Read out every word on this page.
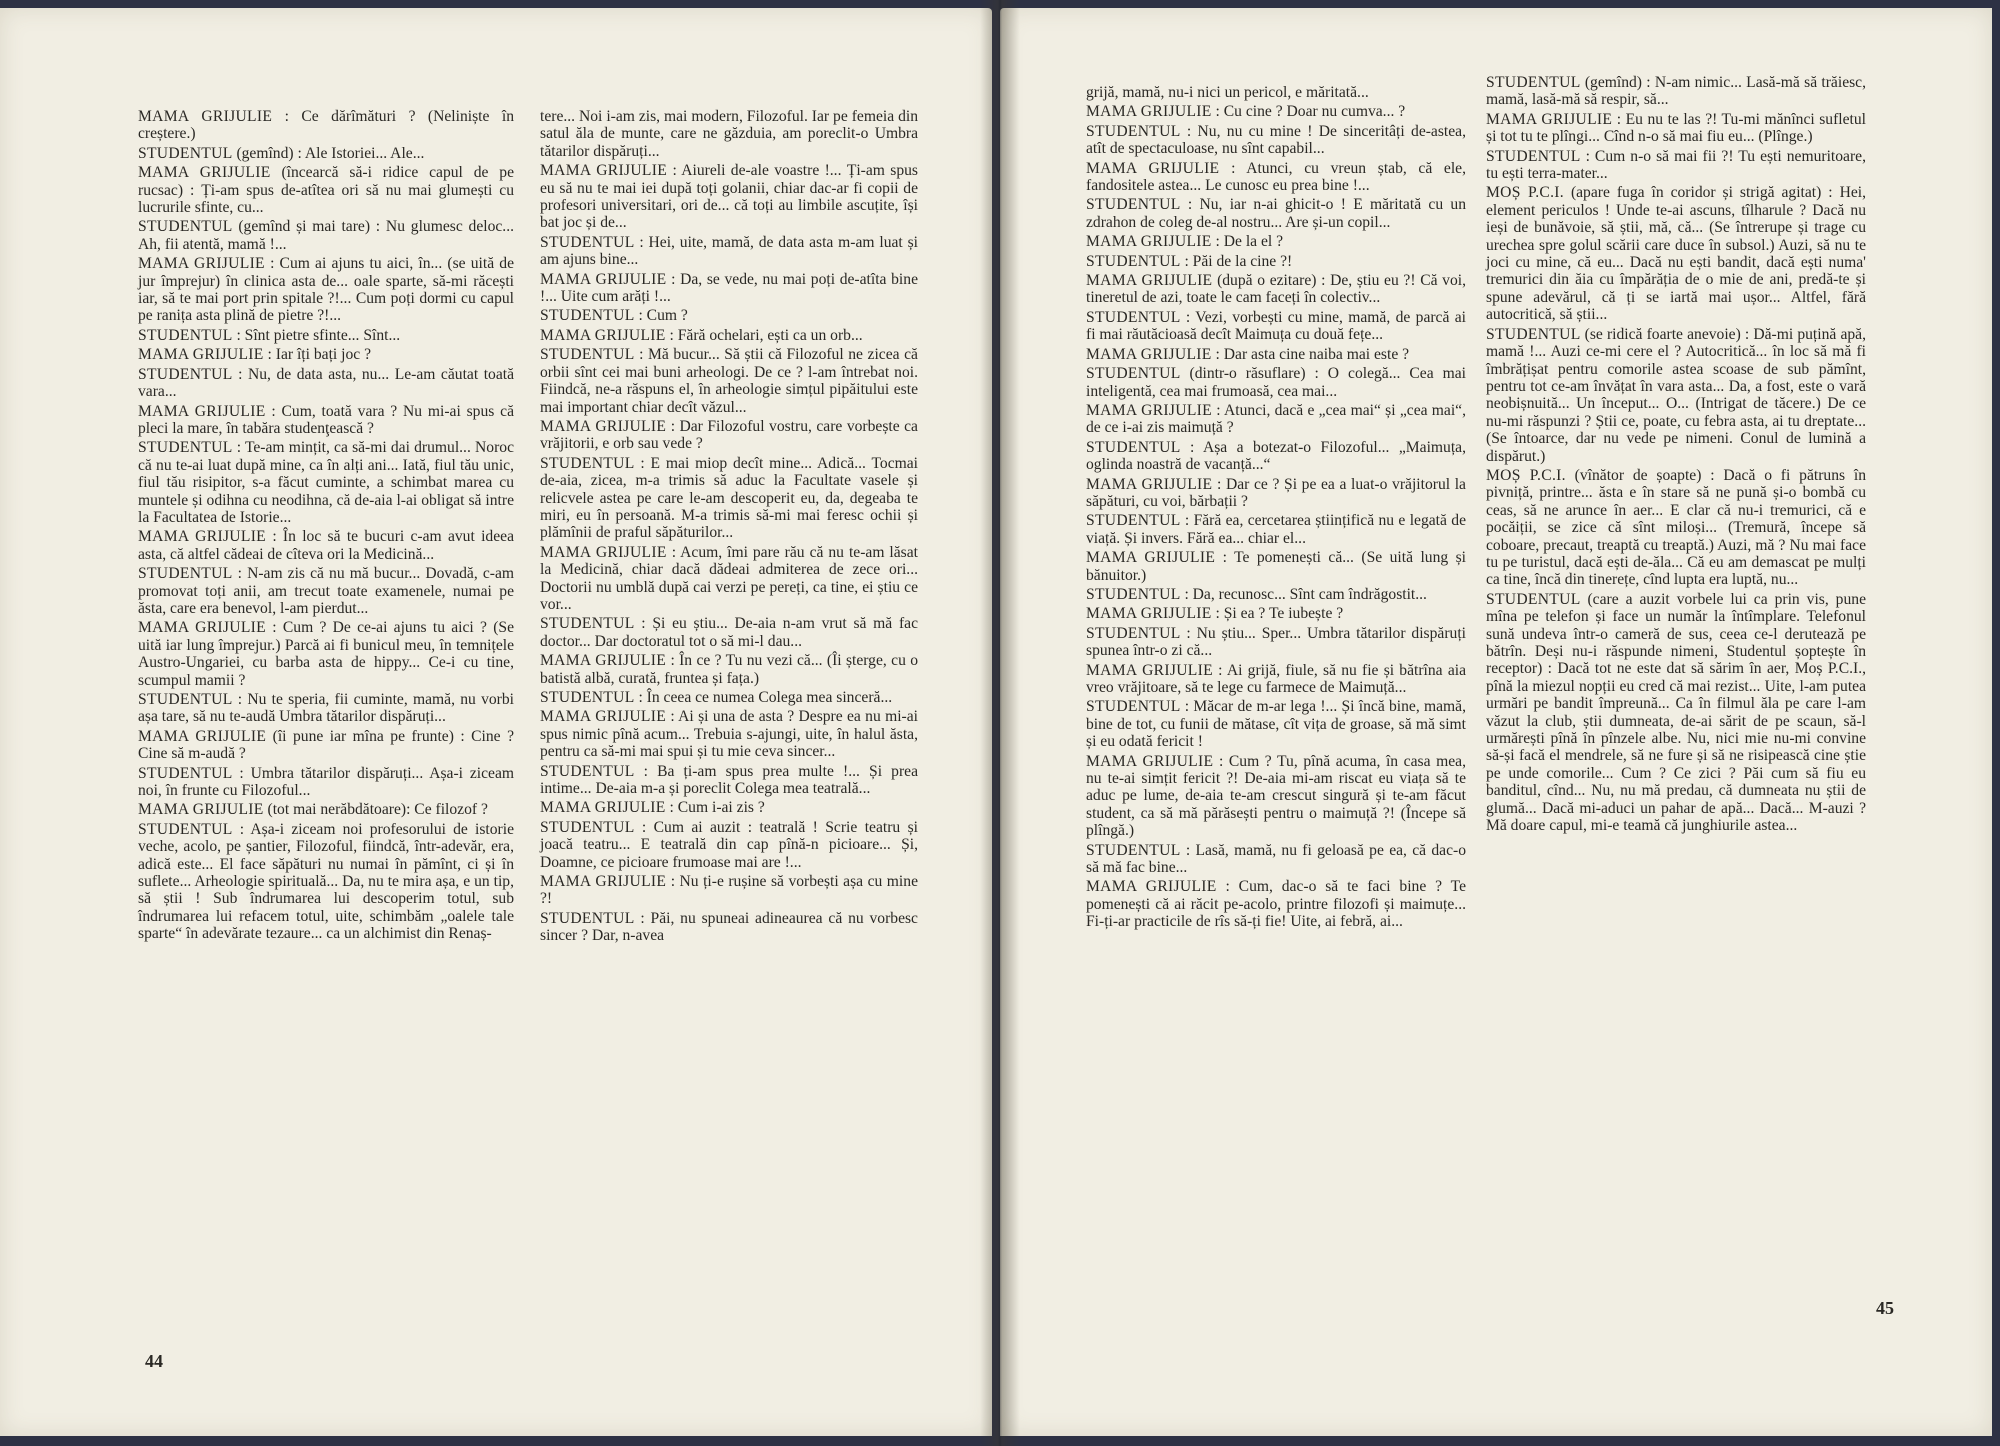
MAMA GRIJULIE : Ce dărîmături ? (Neliniște în creștere.)

STUDENTUL (gemînd) : Ale Istoriei... Ale...

MAMA GRIJULIE (încearcă să-i ridice capul de pe rucsac) : Ți-am spus de-atîtea ori să nu mai glumești cu lucrurile sfinte, cu...

STUDENTUL (gemînd și mai tare) : Nu glumesc deloc... Ah, fii atentă, mamă !...

MAMA GRIJULIE : Cum ai ajuns tu aici, în... (se uită de jur împrejur) în clinica asta de... oale sparte, să-mi răcești iar, să te mai port prin spitale ?!... Cum poți dormi cu capul pe ranița asta plină de pietre ?!...

STUDENTUL : Sînt pietre sfinte... Sînt...

MAMA GRIJULIE : Iar îți bați joc ?

STUDENTUL : Nu, de data asta, nu... Le-am căutat toată vara...

MAMA GRIJULIE : Cum, toată vara ? Nu mi-ai spus că pleci la mare, în tabăra studenţească ?

STUDENTUL : Te-am mințit, ca să-mi dai drumul... Noroc că nu te-ai luat după mine, ca în alți ani... Iată, fiul tău unic, fiul tău risipitor, s-a făcut cuminte, a schimbat marea cu muntele și odihna cu neodihna, că de-aia l-ai obligat să intre la Facultatea de Istorie...

MAMA GRIJULIE : În loc să te bucuri c-am avut ideea asta, că altfel cădeai de cîteva ori la Medicină...

STUDENTUL : N-am zis că nu mă bucur... Dovadă, c-am promovat toți anii, am trecut toate examenele, numai pe ăsta, care era benevol, l-am pierdut...

MAMA GRIJULIE : Cum ? De ce-ai ajuns tu aici ? (Se uită iar lung împrejur.) Parcă ai fi bunicul meu, în temnițele Austro-Ungariei, cu barba asta de hippy... Ce-i cu tine, scumpul mamii ?

STUDENTUL : Nu te speria, fii cuminte, mamă, nu vorbi așa tare, să nu te-audă Umbra tătarilor dispăruți...

MAMA GRIJULIE (îi pune iar mîna pe frunte) : Cine ? Cine să m-audă ?

STUDENTUL : Umbra tătarilor dispăruți... Așa-i ziceam noi, în frunte cu Filozoful...

MAMA GRIJULIE (tot mai nerăbdătoare): Ce filozof ?

STUDENTUL : Așa-i ziceam noi profesorului de istorie veche, acolo, pe șantier, Filozoful, fiindcă, într-adevăr, era, adică este... El face săpături nu numai în pămînt, ci și în suflete... Arheologie spirituală... Da, nu te mira așa, e un tip, să știi ! Sub îndrumarea lui descoperim totul, sub îndrumarea lui refacem totul, uite, schimbăm „oalele tale sparte“ în adevărate tezaure... ca un alchimist din Renaș-

tere... Noi i-am zis, mai modern, Filozoful. Iar pe femeia din satul ăla de munte, care ne găzduia, am poreclit-o Umbra tătarilor dispăruți...

MAMA GRIJULIE : Aiureli de-ale voastre !... Ți-am spus eu să nu te mai iei după toți golanii, chiar dac-ar fi copii de profesori universitari, ori de... că toți au limbile ascuțite, își bat joc și de...

STUDENTUL : Hei, uite, mamă, de data asta m-am luat și am ajuns bine...

MAMA GRIJULIE : Da, se vede, nu mai poți de-atîta bine !... Uite cum arăți !...

STUDENTUL : Cum ?

MAMA GRIJULIE : Fără ochelari, ești ca un orb...

STUDENTUL : Mă bucur... Să știi că Filozoful ne zicea că orbii sînt cei mai buni arheologi. De ce ? l-am întrebat noi. Fiindcă, ne-a răspuns el, în arheologie simțul pipăitului este mai important chiar decît văzul...

MAMA GRIJULIE : Dar Filozoful vostru, care vorbește ca vrăjitorii, e orb sau vede ?

STUDENTUL : E mai miop decît mine... Adică... Tocmai de-aia, zicea, m-a trimis să aduc la Facultate vasele și relicvele astea pe care le-am descoperit eu, da, degeaba te miri, eu în persoană. M-a trimis să-mi mai feresc ochii și plămînii de praful săpăturilor...

MAMA GRIJULIE : Acum, îmi pare rău că nu te-am lăsat la Medicină, chiar dacă dădeai admiterea de zece ori... Doctorii nu umblă după cai verzi pe pereți, ca tine, ei știu ce vor...

STUDENTUL : Și eu știu... De-aia n-am vrut să mă fac doctor... Dar doctoratul tot o să mi-l dau...

MAMA GRIJULIE : În ce ? Tu nu vezi că... (Îi șterge, cu o batistă albă, curată, fruntea și fața.)

STUDENTUL : În ceea ce numea Colega mea sinceră...

MAMA GRIJULIE : Ai și una de asta ? Despre ea nu mi-ai spus nimic pînă acum... Trebuia s-ajungi, uite, în halul ăsta, pentru ca să-mi mai spui și tu mie ceva sincer...

STUDENTUL : Ba ți-am spus prea multe !... Și prea intime... De-aia m-a și poreclit Colega mea teatrală...

MAMA GRIJULIE : Cum i-ai zis ?

STUDENTUL : Cum ai auzit : teatrală ! Scrie teatru și joacă teatru... E teatrală din cap pînă-n picioare... Și, Doamne, ce picioare frumoase mai are !...

MAMA GRIJULIE : Nu ți-e rușine să vorbești așa cu mine ?!

STUDENTUL : Păi, nu spuneai adineaurea că nu vorbesc sincer ? Dar, n-avea

44

grijă, mamă, nu-i nici un pericol, e măritată...

MAMA GRIJULIE : Cu cine ? Doar nu cumva... ?

STUDENTUL : Nu, nu cu mine ! De sinceritâți de-astea, atît de spectaculoase, nu sînt capabil...

MAMA GRIJULIE : Atunci, cu vreun ștab, că ele, fandositele astea... Le cunosc eu prea bine !...

STUDENTUL : Nu, iar n-ai ghicit-o ! E măritată cu un zdrahon de coleg de-al nostru... Are și-un copil...

MAMA GRIJULIE : De la el ?

STUDENTUL : Păi de la cine ?!

MAMA GRIJULIE (după o ezitare) : De, știu eu ?! Că voi, tineretul de azi, toate le cam faceți în colectiv...

STUDENTUL : Vezi, vorbești cu mine, mamă, de parcă ai fi mai răutăcioasă decît Maimuța cu două fețe...

MAMA GRIJULIE : Dar asta cine naiba mai este ?

STUDENTUL (dintr-o răsuflare) : O colegă... Cea mai inteligentă, cea mai frumoasă, cea mai...

MAMA GRIJULIE : Atunci, dacă e „cea mai“ și „cea mai“, de ce i-ai zis maimuță ?

STUDENTUL : Așa a botezat-o Filozoful... „Maimuța, oglinda noastră de vacanță...“

MAMA GRIJULIE : Dar ce ? Și pe ea a luat-o vrăjitorul la săpături, cu voi, bărbații ?

STUDENTUL : Fără ea, cercetarea științifică nu e legată de viață. Și invers. Fără ea... chiar el...

MAMA GRIJULIE : Te pomenești că... (Se uită lung și bănuitor.)

STUDENTUL : Da, recunosc... Sînt cam îndrăgostit...

MAMA GRIJULIE : Și ea ? Te iubește ?

STUDENTUL : Nu știu... Sper... Umbra tătarilor dispăruți spunea într-o zi că...

MAMA GRIJULIE : Ai grijă, fiule, să nu fie și bătrîna aia vreo vrăjitoare, să te lege cu farmece de Maimuță...

STUDENTUL : Măcar de m-ar lega !... Și încă bine, mamă, bine de tot, cu funii de mătase, cît vița de groase, să mă simt și eu odată fericit !

MAMA GRIJULIE : Cum ? Tu, pînă acuma, în casa mea, nu te-ai simțit fericit ?! De-aia mi-am riscat eu viața să te aduc pe lume, de-aia te-am crescut singură și te-am făcut student, ca să mă părăsești pentru o maimuță ?! (Începe să plîngă.)

STUDENTUL : Lasă, mamă, nu fi geloasă pe ea, că dac-o să mă fac bine...

MAMA GRIJULIE : Cum, dac-o să te faci bine ? Te pomenești că ai răcit pe-acolo, printre filozofi și maimuțe... Fi-ți-ar practicile de rîs să-ți fie! Uite, ai febră, ai...

STUDENTUL (gemînd) : N-am nimic... Lasă-mă să trăiesc, mamă, lasă-mă să respir, să...

MAMA GRIJULIE : Eu nu te las ?! Tu-mi mănînci sufletul și tot tu te plîngi... Cînd n-o să mai fiu eu... (Plînge.)

STUDENTUL : Cum n-o să mai fii ?! Tu ești nemuritoare, tu ești terra-mater...

MOȘ P.C.I. (apare fuga în coridor și strigă agitat) : Hei, element periculos ! Unde te-ai ascuns, tîlharule ? Dacă nu ieși de bunăvoie, să știi, mă, că... (Se întrerupe și trage cu urechea spre golul scării care duce în subsol.) Auzi, să nu te joci cu mine, că eu... Dacă nu ești bandit, dacă ești numa' tremurici din ăia cu împărăția de o mie de ani, predă-te și spune adevărul, că ți se iartă mai ușor... Altfel, fără autocritică, să știi...

STUDENTUL (se ridică foarte anevoie) : Dă-mi puțină apă, mamă !... Auzi ce-mi cere el ? Autocritică... în loc să mă fi îmbrățișat pentru comorile astea scoase de sub pămînt, pentru tot ce-am învățat în vara asta... Da, a fost, este o vară neobișnuită... Un început... O... (Intrigat de tăcere.) De ce nu-mi răspunzi ? Știi ce, poate, cu febra asta, ai tu dreptate... (Se întoarce, dar nu vede pe nimeni. Conul de lumină a dispărut.)

MOȘ P.C.I. (vînător de șoapte) : Dacă o fi pătruns în pivniță, printre... ăsta e în stare să ne pună și-o bombă cu ceas, să ne arunce în aer... E clar că nu-i tremurici, că e pocăiții, se zice că sînt miloși... (Tremură, începe să coboare, precaut, treaptă cu treaptă.) Auzi, mă ? Nu mai face tu pe turistul, dacă ești de-ăla... Că eu am demascat pe mulți ca tine, încă din tinerețe, cînd lupta era luptă, nu...

STUDENTUL (care a auzit vorbele lui ca prin vis, pune mîna pe telefon și face un număr la întîmplare. Telefonul sună undeva într-o cameră de sus, ceea ce-l derutează pe bătrîn. Deși nu-i răspunde nimeni, Studentul șoptește în receptor) : Dacă tot ne este dat să sărim în aer, Moș P.C.I., pînă la miezul nopții eu cred că mai rezist... Uite, l-am putea urmări pe bandit împreună... Ca în filmul ăla pe care l-am văzut la club, știi dumneata, de-ai sărit de pe scaun, să-l urmărești pînă în pînzele albe. Nu, nici mie nu-mi convine să-și facă el mendrele, să ne fure și să ne risipească cine știe pe unde comorile... Cum ? Ce zici ? Păi cum să fiu eu banditul, cînd... Nu, nu mă predau, că dumneata nu știi de glumă... Dacă mi-aduci un pahar de apă... Dacă... M-auzi ? Mă doare capul, mi-e teamă că junghiurile astea...

45
